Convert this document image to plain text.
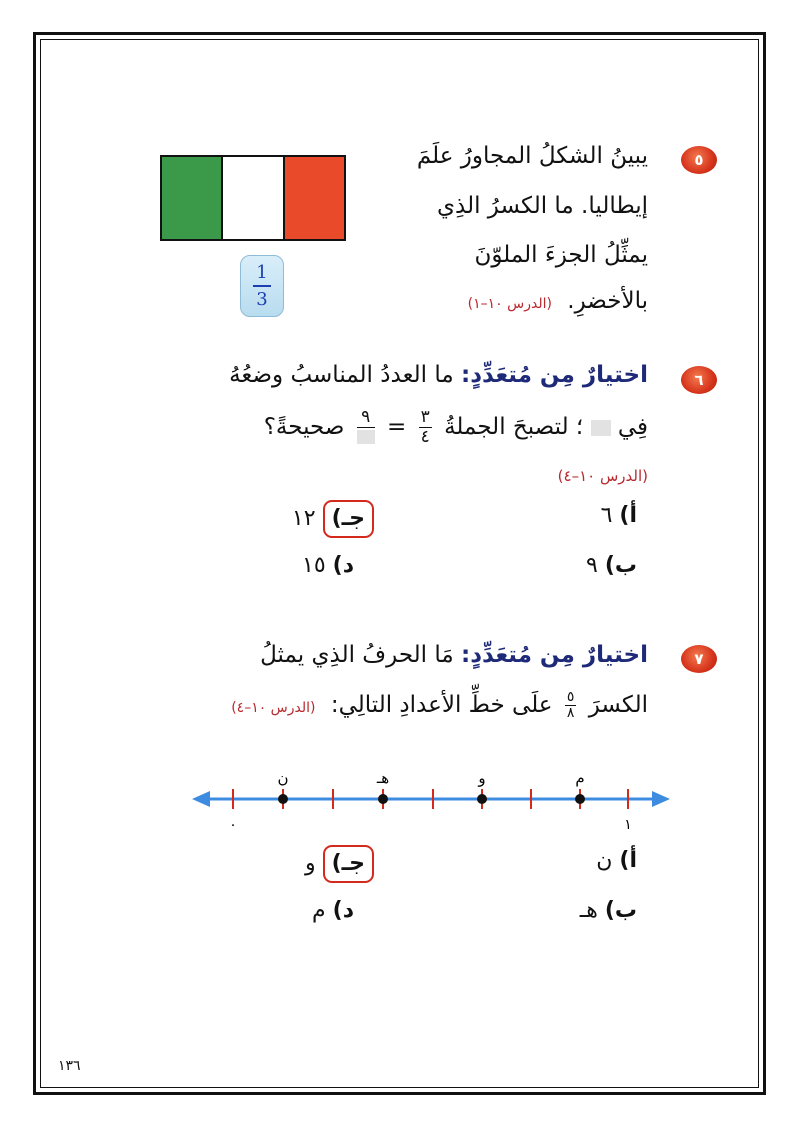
٥
يبينُ الشكلُ المجاورُ علَمَ
إيطاليا. ما الكسرُ الذِي
يمثِّلُ الجزءَ الملوّنَ
بالأخضرِ. (الدرس ١٠–١)
1
3
٦
اختيارٌ مِن مُتعَدِّدٍ: ما العددُ المناسبُ وضعُهُ
فِي  ؛ لتصبحَ الجملةُ
$\frac{٣}{٤}$
=
٩
صحيحةً؟
(الدرس ١٠–٤)
أ) ٦
ب) ٩
جـ) ١٢
د) ١٥
٧
اختيارٌ مِن مُتعَدِّدٍ: مَا الحرفُ الذِي يمثلُ
الكسرَ
$\frac{٥}{٨}$
علَى خطِّ الأعدادِ التالِي: (الدرس ١٠–٤)
ن	هـ	و	م
٠	١
أ) ن
ب) هـ
جـ) و
د) م
١٣٦
